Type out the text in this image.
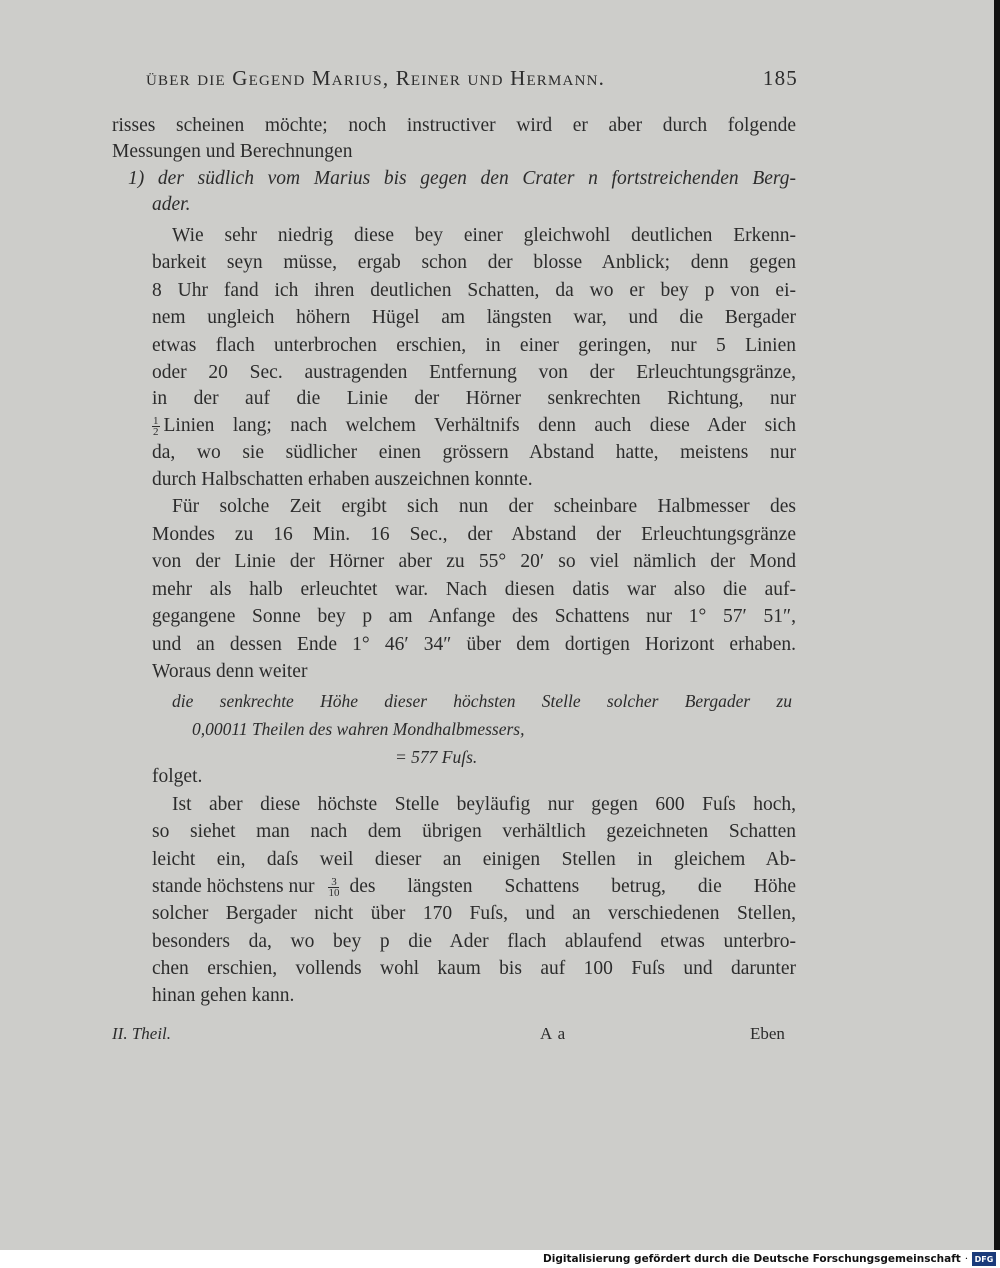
über die Gegend Marius, Reiner und Hermann.	185
risses scheinen möchte; noch instructiver wird er aber durch folgende
Messungen und Berechnungen
1) der südlich vom Marius bis gegen den Crater n fortstreichenden Berg-
ader.
Wie sehr niedrig diese bey einer gleichwohl deutlichen Erkenn-
barkeit seyn müsse, ergab schon der blosse Anblick; denn gegen
8 Uhr fand ich ihren deutlichen Schatten, da wo er bey p von ei-
nem ungleich höhern Hügel am längsten war, und die Bergader
etwas flach unterbrochen erschien, in einer geringen, nur 5 Linien
oder 20 Sec. austragenden Entfernung von der Erleuchtungsgränze,
in der auf die Linie der Hörner senkrechten Richtung, nur
$\frac{1}{2}$ Linien lang; nach welchem Verhältnifs denn auch diese Ader sich
da, wo sie südlicher einen grössern Abstand hatte, meistens nur
durch Halbschatten erhaben auszeichnen konnte.
Für solche Zeit ergibt sich nun der scheinbare Halbmesser des
Mondes zu 16 Min. 16 Sec., der Abstand der Erleuchtungsgränze
von der Linie der Hörner aber zu 55° 20′ so viel nämlich der Mond
mehr als halb erleuchtet war. Nach diesen datis war also die auf-
gegangene Sonne bey p am Anfange des Schattens nur 1° 57′ 51″,
und an dessen Ende 1° 46′ 34″ über dem dortigen Horizont erhaben.
Woraus denn weiter
die senkrechte Höhe dieser höchsten Stelle solcher Bergader zu
0,00011 Theilen des wahren Mondhalbmessers,
= 577 Fuſs.
folget.
Ist aber diese höchste Stelle beyläufig nur gegen 600 Fuſs hoch,
so siehet man nach dem übrigen verhältlich gezeichneten Schatten
leicht ein, daſs weil dieser an einigen Stellen in gleichem Ab-
stande höchstens nur $\frac{3}{10}$ des längsten Schattens betrug, die Höhe
solcher Bergader nicht über 170 Fuſs, und an verschiedenen Stellen,
besonders da, wo bey p die Ader flach ablaufend etwas unterbro-
chen erschien, vollends wohl kaum bis auf 100 Fuſs und darunter
hinan gehen kann.
II. Theil.	A a	Eben
Digitalisierung gefördert durch die Deutsche Forschungsgemeinschaft · DFG
